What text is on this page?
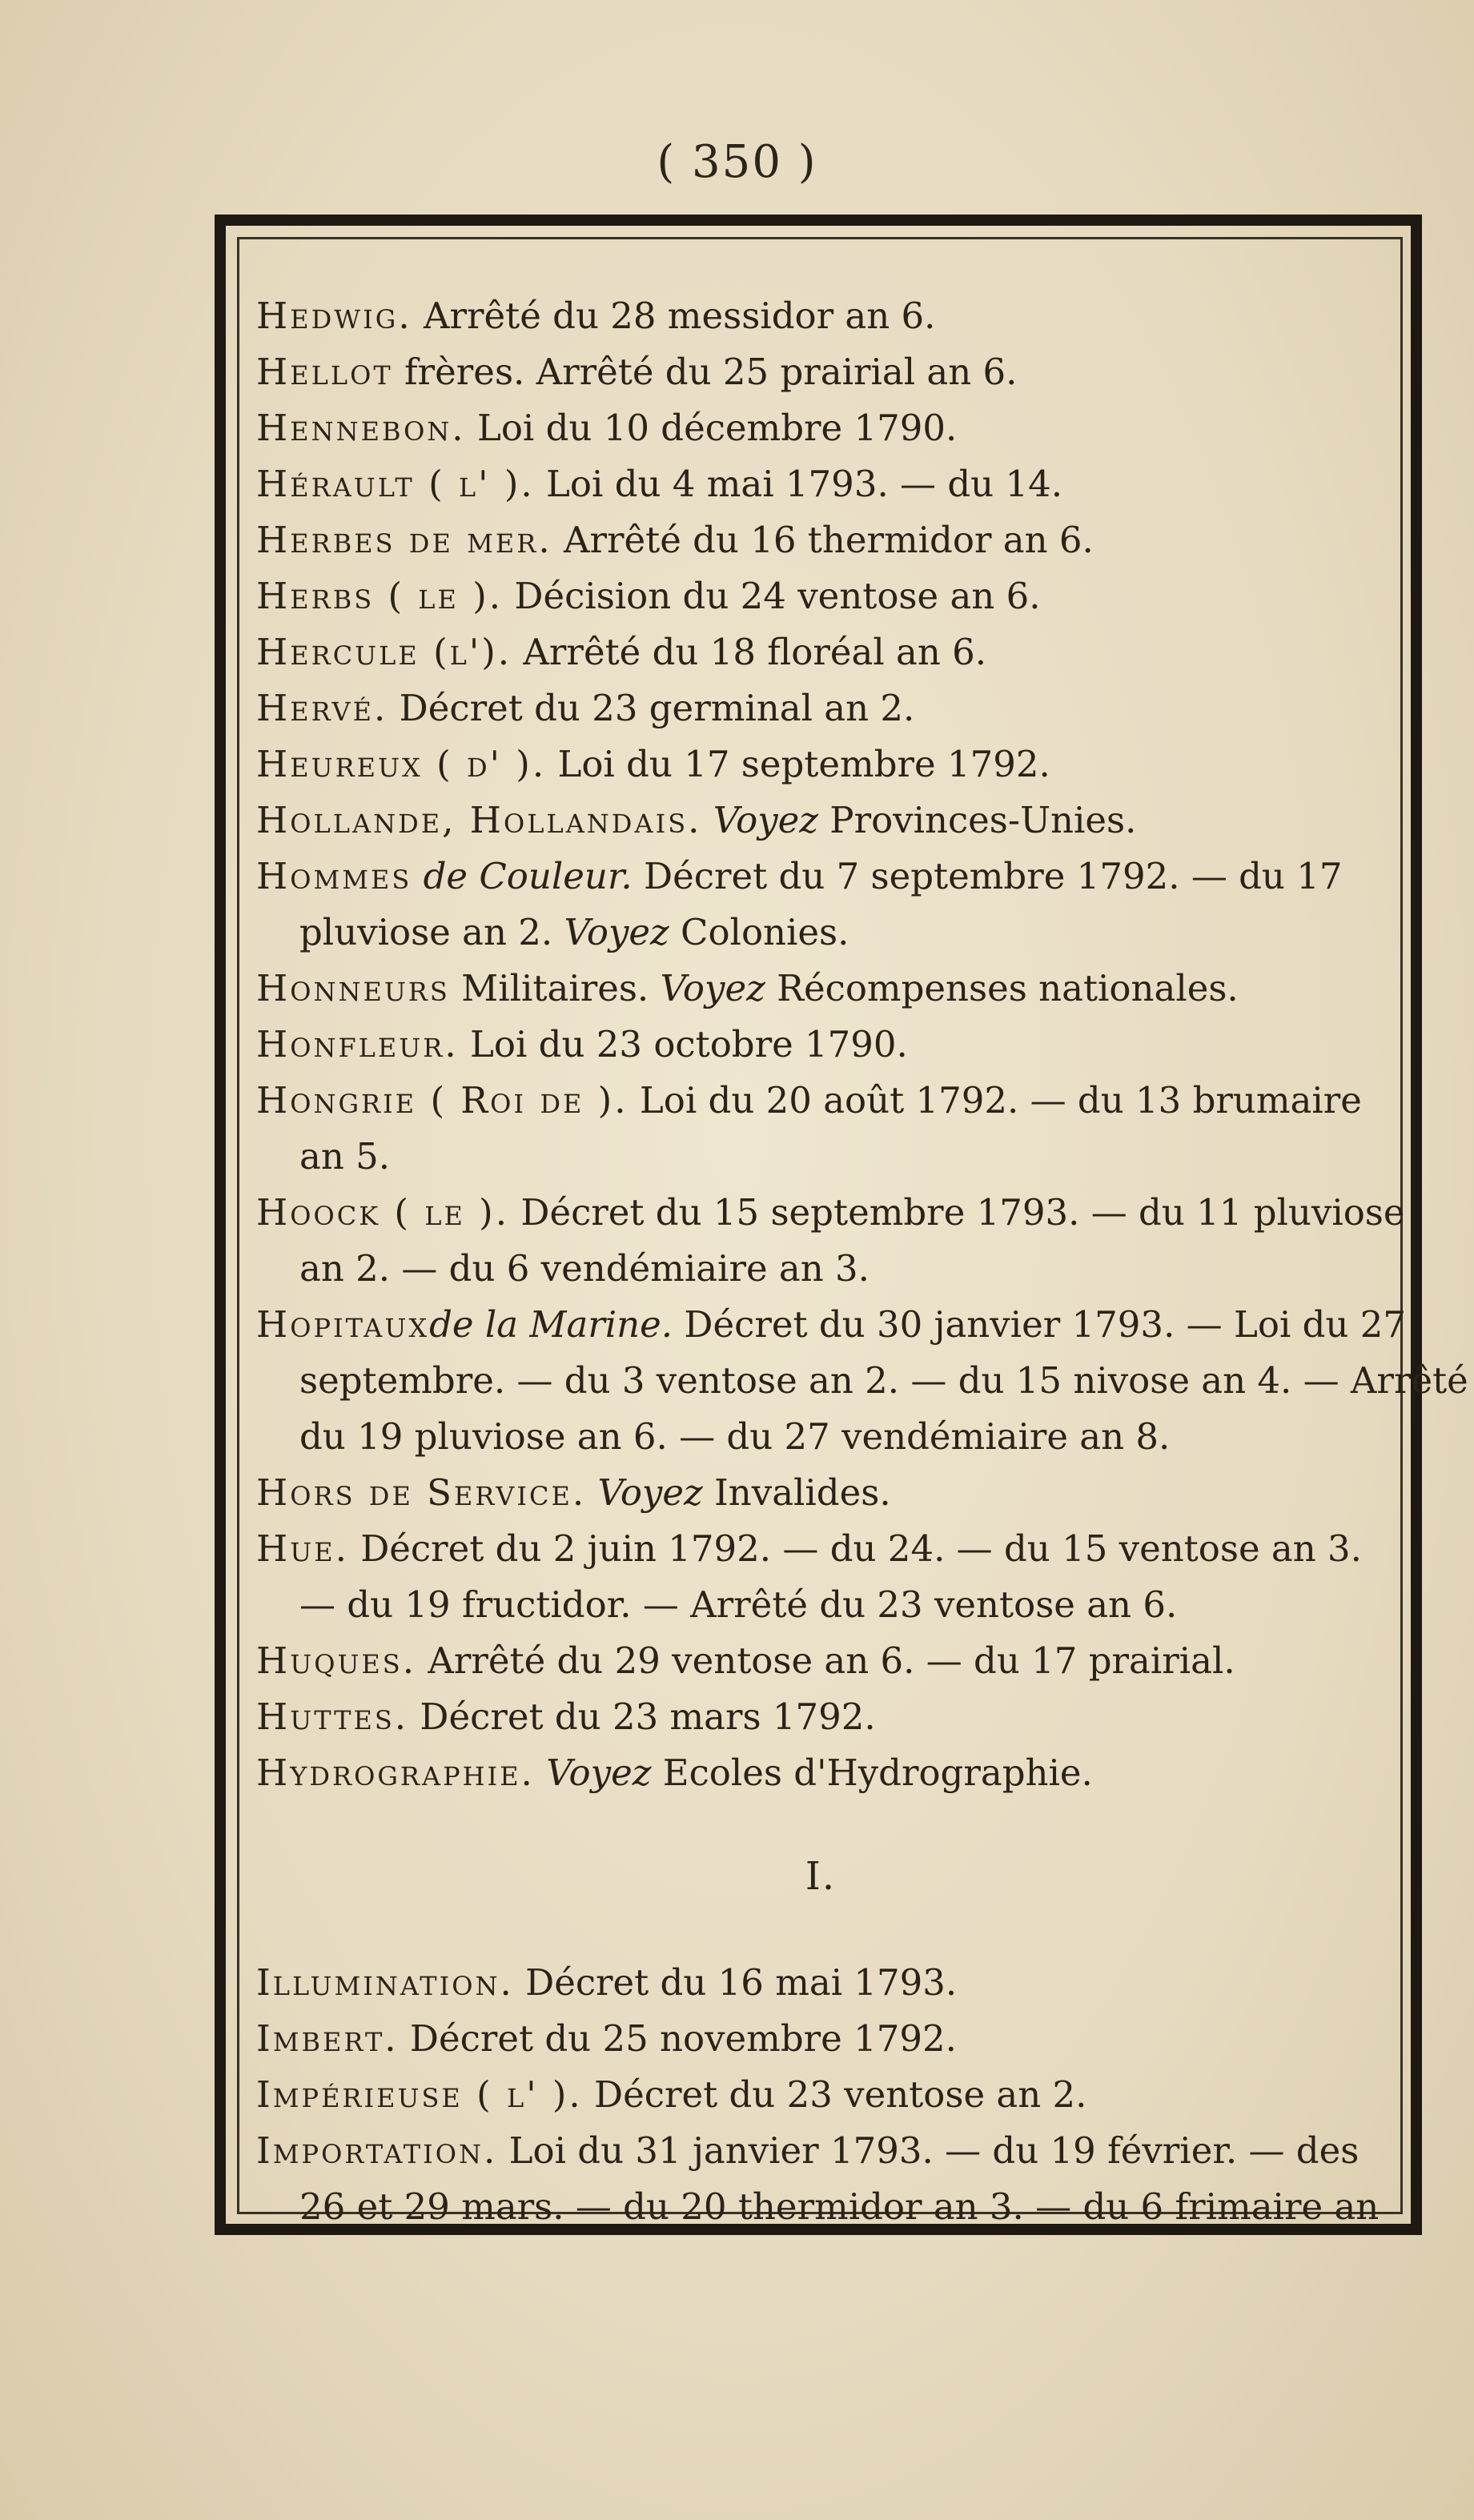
( 350 )
Hedwig. Arrêté du 28 messidor an 6.
Hellot frères. Arrêté du 25 prairial an 6.
Hennebon. Loi du 10 décembre 1790.
Hérault ( l' ). Loi du 4 mai 1793. — du 14.
Herbes de mer. Arrêté du 16 thermidor an 6.
Herbs ( le ). Décision du 24 ventose an 6.
Hercule (l'). Arrêté du 18 floréal an 6.
Hervé. Décret du 23 germinal an 2.
Heureux ( d' ). Loi du 17 septembre 1792.
Hollande, Hollandais. Voyez Provinces-Unies.
Hommes de Couleur. Décret du 7 septembre 1792. — du 17
pluviose an 2. Voyez Colonies.
Honneurs Militaires. Voyez Récompenses nationales.
Honfleur. Loi du 23 octobre 1790.
Hongrie ( Roi de ). Loi du 20 août 1792. — du 13 brumaire
an 5.
Hoock ( le ). Décret du 15 septembre 1793. — du 11 pluviose
an 2. — du 6 vendémiaire an 3.
Hopitauxde la Marine. Décret du 30 janvier 1793. — Loi du 27
septembre. — du 3 ventose an 2. — du 15 nivose an 4. — Arrêté
du 19 pluviose an 6. — du 27 vendémiaire an 8.
Hors de Service. Voyez Invalides.
Hue. Décret du 2 juin 1792. — du 24. — du 15 ventose an 3.
— du 19 fructidor. — Arrêté du 23 ventose an 6.
Huques. Arrêté du 29 ventose an 6. — du 17 prairial.
Huttes. Décret du 23 mars 1792.
Hydrographie. Voyez Ecoles d'Hydrographie.
I.
Illumination. Décret du 16 mai 1793.
Imbert. Décret du 25 novembre 1792.
Impérieuse ( l' ). Décret du 23 ventose an 2.
Importation. Loi du 31 janvier 1793. — du 19 février. — des
26 et 29 mars. — du 20 thermidor an 3. — du 6 frimaire an
